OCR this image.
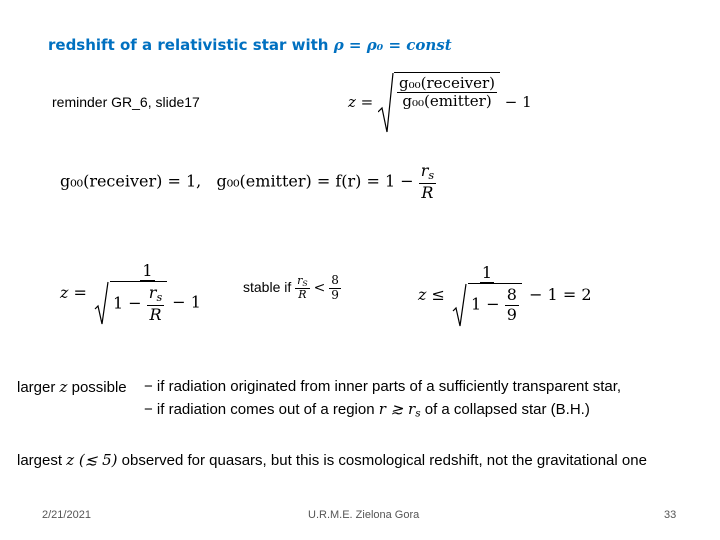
redshift of a relativistic star with ρ = ρ₀ = const
reminder GR_6, slide17	$z = \frac{\text{g₀₀(receiver)}}{\text{g₀₀(emitter)}} - 1$
g₀₀(receiver) = 1, g₀₀(emitter) = $f(r) = 1 - \frac{r_s}{R}$
z =
1
$1 - \frac{r_s}{R} - 1$
stable if $\frac{r_S}{R} < \frac{8}{9}$	$z \le \frac{1}{1 - \frac{8}{9}} - 1 = 2$
larger z possible − if radiation originated from inner parts of a sufficiently transparent star,
− if radiation comes out of a region r ≳ $r_s$ of a collapsed star (B.H.)
largest z (≲ 5) observed for quasars, but this is cosmological redshift, not the gravitational one
2/21/2021	U.R.M.E. Zielona Gora	33
